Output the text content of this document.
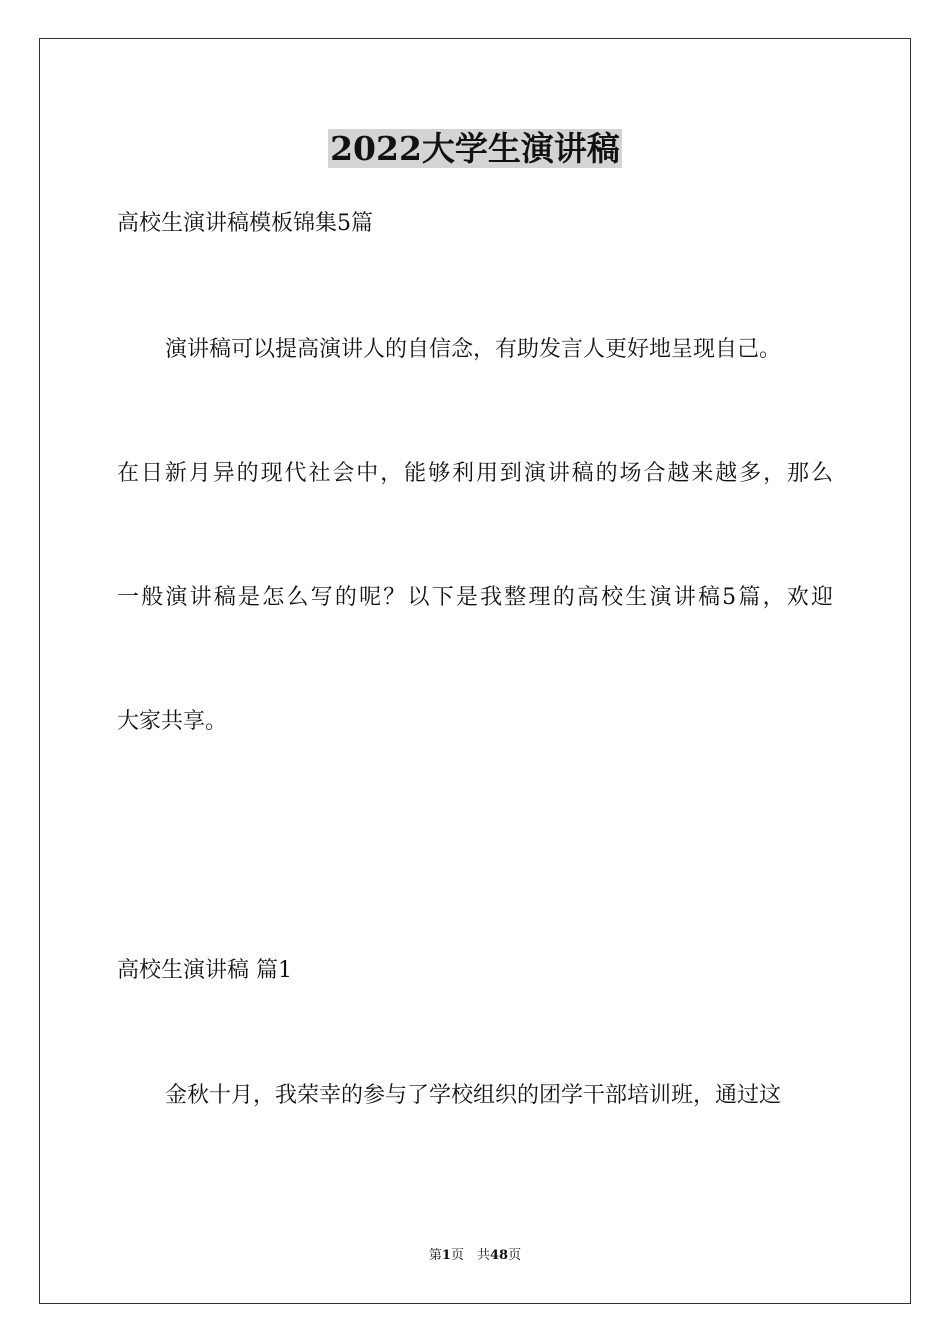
2022大学生演讲稿
高校生演讲稿模板锦集5篇
演讲稿可以提高演讲人的自信念，有助发言人更好地呈现自己。
在日新月异的现代社会中，能够利用到演讲稿的场合越来越多，那么
一般演讲稿是怎么写的呢？以下是我整理的高校生演讲稿5篇，欢迎
大家共享。
高校生演讲稿 篇1
金秋十月，我荣幸的参与了学校组织的团学干部培训班，通过这
第1页　共48页
